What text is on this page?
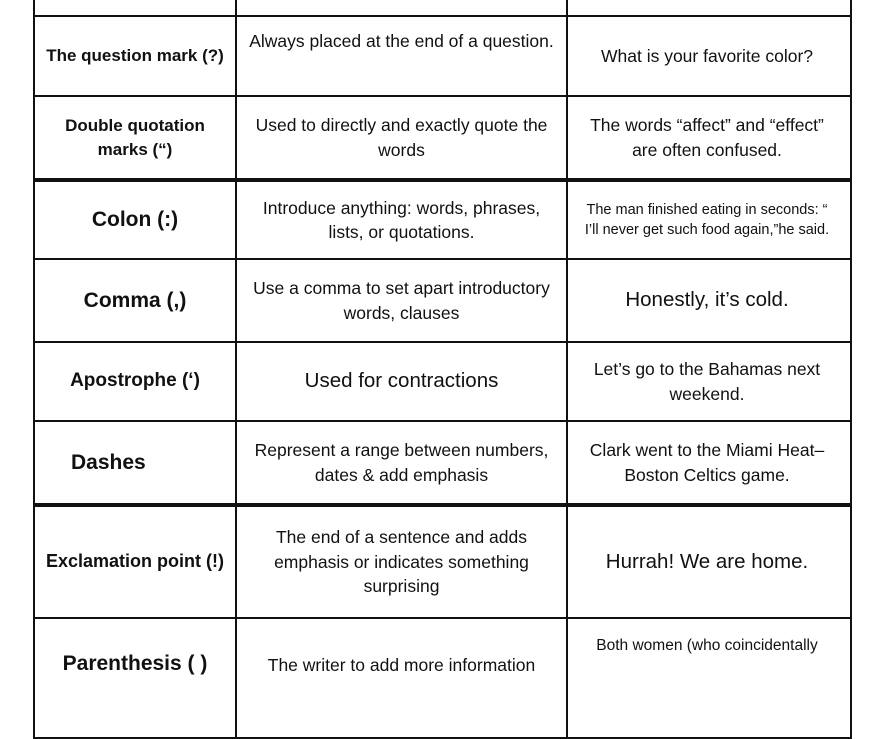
The question mark (?)
Always placed at the end of a question.
What is your favorite color?
Double quotation marks (“)
Used to directly and exactly quote the words
The words “affect” and “effect” are often confused.
Colon (:)
Introduce anything: words, phrases, lists, or quotations.
The man finished eating in seconds: “ I’ll never get such food again,”he said.
Comma (,)
Use a comma to set apart introductory words, clauses
Honestly, it’s cold.
Apostrophe (‘)	Used for contractions
Let’s go to the Bahamas next weekend.
Dashes
Represent a range between numbers, dates & add emphasis
Clark went to the Miami Heat–Boston Celtics game.
Exclamation point (!)
The end of a sentence and adds emphasis or indicates something surprising
Hurrah! We are home.
Parenthesis ( )	The writer to add more information
Both women (who coincidentally
